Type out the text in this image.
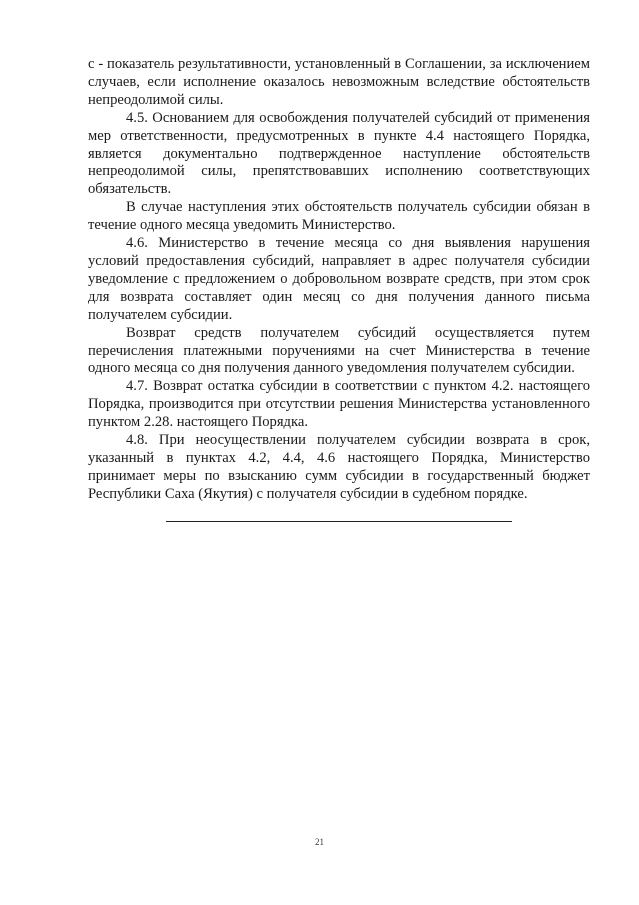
с - показатель результативности, установленный в Соглашении, за исключением случаев, если исполнение оказалось невозможным вследствие обстоятельств непреодолимой силы.

4.5. Основанием для освобождения получателей субсидий от применения мер ответственности, предусмотренных в пункте 4.4 настоящего Порядка, является документально подтвержденное наступление обстоятельств непреодолимой силы, препятствовавших исполнению соответствующих обязательств.

В случае наступления этих обстоятельств получатель субсидии обязан в течение одного месяца уведомить Министерство.

4.6. Министерство в течение месяца со дня выявления нарушения условий предоставления субсидий, направляет в адрес получателя субсидии уведомление с предложением о добровольном возврате средств, при этом срок для возврата составляет один месяц со дня получения данного письма получателем субсидии.

Возврат средств получателем субсидий осуществляется путем перечисления платежными поручениями на счет Министерства в течение одного месяца со дня получения данного уведомления получателем субсидии.

4.7. Возврат остатка субсидии в соответствии с пунктом 4.2. настоящего Порядка, производится при отсутствии решения Министерства установленного пунктом 2.28. настоящего Порядка.

4.8. При неосуществлении получателем субсидии возврата в срок, указанный в пунктах 4.2, 4.4, 4.6 настоящего Порядка, Министерство принимает меры по взысканию сумм субсидии в государственный бюджет Республики Саха (Якутия) с получателя субсидии в судебном порядке.

21
